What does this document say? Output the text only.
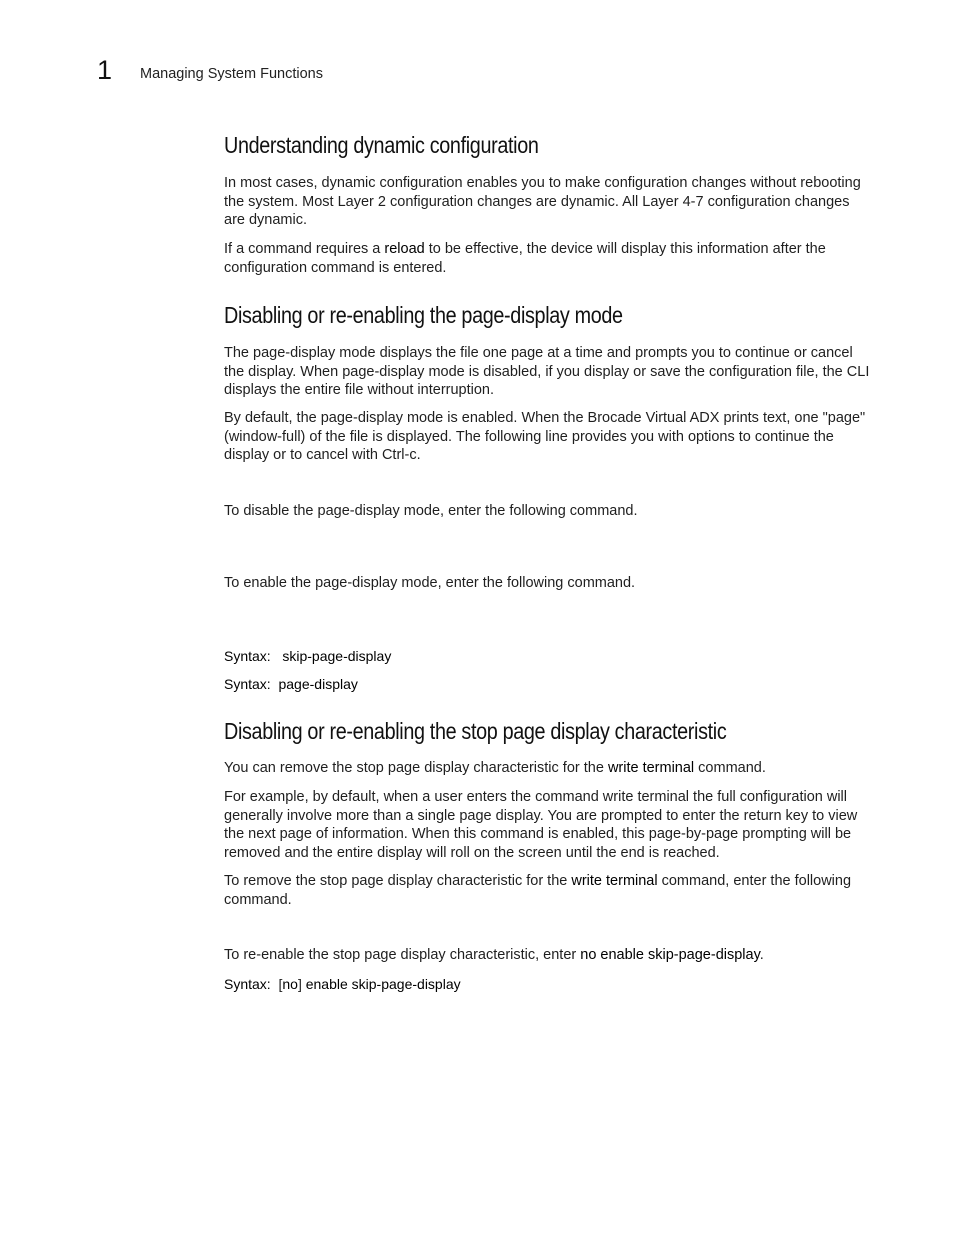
1 Managing System Functions
Understanding dynamic configuration

In most cases, dynamic configuration enables you to make configuration changes without rebooting the system. Most Layer 2 configuration changes are dynamic. All Layer 4-7 configuration changes are dynamic.

If a command requires a reload to be effective, the device will display this information after the configuration command is entered.

Disabling or re-enabling the page-display mode

The page-display mode displays the file one page at a time and prompts you to continue or cancel the display. When page-display mode is disabled, if you display or save the configuration file, the CLI displays the entire file without interruption.

By default, the page-display mode is enabled. When the Brocade Virtual ADX prints text, one "page" (window-full) of the file is displayed. The following line provides you with options to continue the display or to cancel with Ctrl-c.

To disable the page-display mode, enter the following command.

To enable the page-display mode, enter the following command.

Syntax: skip-page-display

Syntax: page-display

Disabling or re-enabling the stop page display characteristic

You can remove the stop page display characteristic for the write terminal command.

For example, by default, when a user enters the command write terminal the full configuration will generally involve more than a single page display. You are prompted to enter the return key to view the next page of information. When this command is enabled, this page-by-page prompting will be removed and the entire display will roll on the screen until the end is reached.

To remove the stop page display characteristic for the write terminal command, enter the following command.

To re-enable the stop page display characteristic, enter no enable skip-page-display.

Syntax: [no] enable skip-page-display
